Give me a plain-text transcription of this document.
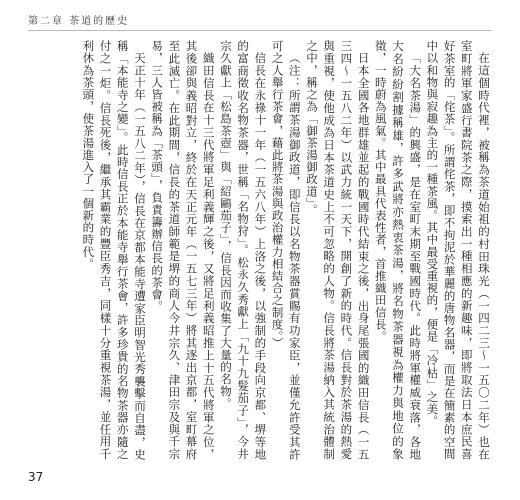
第二章 茶道的歷史

在這個時代裡，被稱為茶道始祖的村田珠光（一四二三～一五〇二年）也在室町將軍家盛行書院茶之際，摸索出一種相應的新趣味，即將取法日本庶民喜好茶室的「侘茶」。所謂侘茶，即不拘泥於華麗的唐物名器，而是在簡素的空間中以和物與寂趣為主的一種茶風。其中最受重視的，便是「冷枯」之美。

「大名茶湯」的興盛，是在室町末期至戰國時代。此時將軍權威衰落，各地大名紛紛割據稱雄，許多武將亦熱衷茶湯，將名物茶器視為權力與地位的象徵，一時蔚為風氣。其中最具代表性者，首推織田信長。

日本全國各地群雄並起的戰國時代結束之後，出身尾張國的織田信長（一五三四～一五八二年）以武力統一天下，開創了新的時代。信長對於茶湯的熱愛與重視，使他成為日本茶道史上不可忽略的人物。信長將茶湯納入其統治體制之中，稱之為「御茶湯御政道」。

（注：所謂茶湯御政道，即信長以名物茶器賞賜有功家臣，並僅允許受其許可之人舉行茶會，藉此將茶湯與政治權力相結合之制度。）

信長在永祿十一年（一五六八年）上洛之後，以強制的手段向京都、堺等地的富商徵收名物茶器，世稱「名物狩」。松永久秀獻上「九十九髮茄子」，今井宗久獻上「松島茶壺」與「紹鷗茄子」，信長因而收集了大量的名物。

織田信長在十三代將軍足利義輝之後，又將足利義昭推上十五代將軍之位，其後卻與義昭對立，終於在天正元年（一五七三年）將其逐出京都，室町幕府至此滅亡。在此期間，信長的茶道師範是堺的商人今井宗久、津田宗及與千宗易，三人皆被稱為「茶頭」，負責籌辦信長的茶會。

天正十年（一五八二年），信長在京都本能寺遭家臣明智光秀襲擊而自盡，史稱「本能寺之變」。此時信長正於本能寺舉行茶會，許多珍貴的名物茶器亦隨之付之一炬。信長死後，繼承其霸業的豐臣秀吉，同樣十分重視茶湯，並任用千利休為茶頭，使茶湯進入了一個新的時代。

37
